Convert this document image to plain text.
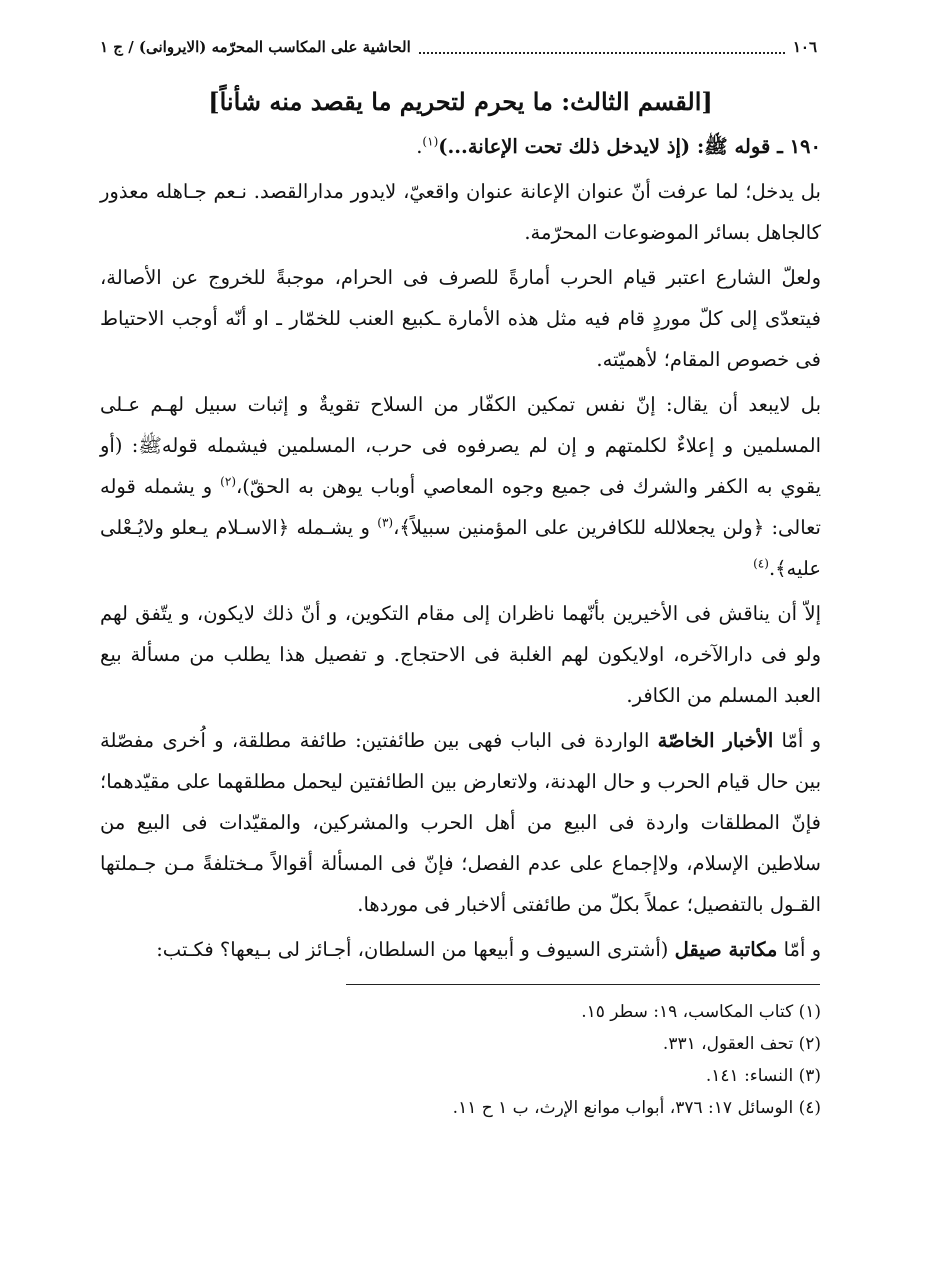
١٠٦
الحاشية على المكاسب المحرّمه (الايروانى) / ج ١
[القسم الثالث: ما يحرم لتحريم ما يقصد منه شأناً]

١٩٠ ـ قوله ﷺ: (إذ لايدخل ذلك تحت الإعانة...)$^{(١)}$.

بل يدخل؛ لما عرفت أنّ عنوان الإعانة عنوان واقعيّ، لايدور مدارالقصد. نـعم جـاهله معذور كالجاهل بسائر الموضوعات المحرّمة.

ولعلّ الشارع اعتبر قيام الحرب أمارةً للصرف فى الحرام، موجبةً للخروج عن الأصالة، فيتعدّى إلى كلّ موردٍ قام فيه مثل هذه الأمارة ـكبيع العنب للخمّار ـ او أنّه أوجب الاحتياط فى خصوص المقام؛ لأهميّته.

بل لايبعد أن يقال: إنّ نفس تمكين الكفّار من السلاح تقويةٌ و إثبات سبيل لهـم عـلى المسلمين و إعلاءٌ لكلمتهم و إن لم يصرفوه فى حرب، المسلمين فيشمله قولهﷺ: (أو يقوي به الكفر والشرك فى جميع وجوه المعاصي أوباب يوهن به الحقّ)،$^{(٢)}$ و يشمله قوله تعالى: ﴿ولن يجعلالله للكافرين على المؤمنين سبيلاً﴾،$^{(٣)}$ و يشـمله ﴿الاسـلام يـعلو ولايُـعْلى عليه﴾.$^{(٤)}$

إلاّ أن يناقش فى الأخيرين بأنّهما ناظران إلى مقام التكوين، و أنّ ذلك لايكون، و يتّفق لهم ولو فى دارالآخره، اولايكون لهم الغلبة فى الاحتجاج. و تفصيل هذا يطلب من مسألة بيع العبد المسلم من الكافر.

و أمّا الأخبار الخاصّة الواردة فى الباب فهى بين طائفتين: طائفة مطلقة، و اُخرى مفصّلة بين حال قيام الحرب و حال الهدنة، ولاتعارض بين الطائفتين ليحمل مطلقهما على مقيّدهما؛ فإنّ المطلقات واردة فى البيع من أهل الحرب والمشركين، والمقيّدات فى البيع من سلاطين الإسلام، ولاإجماع على عدم الفصل؛ فإنّ فى المسألة أقوالاً مـختلفةً مـن جـملتها القـول بالتفصيل؛ عملاً بكلّ من طائفتى ألاخبار فى موردها.

و أمّا مكاتبة صيقل (أشترى السيوف و أبيعها من السلطان، أجـائز لى بـيعها؟ فكـتب:

(١) كتاب المكاسب، ١٩: سطر ١٥.
(٢) تحف العقول، ٣٣١.
(٣) النساء: ١٤١.
(٤) الوسائل ١٧: ٣٧٦، أبواب موانع الإرث، ب ١ ح ١١.
